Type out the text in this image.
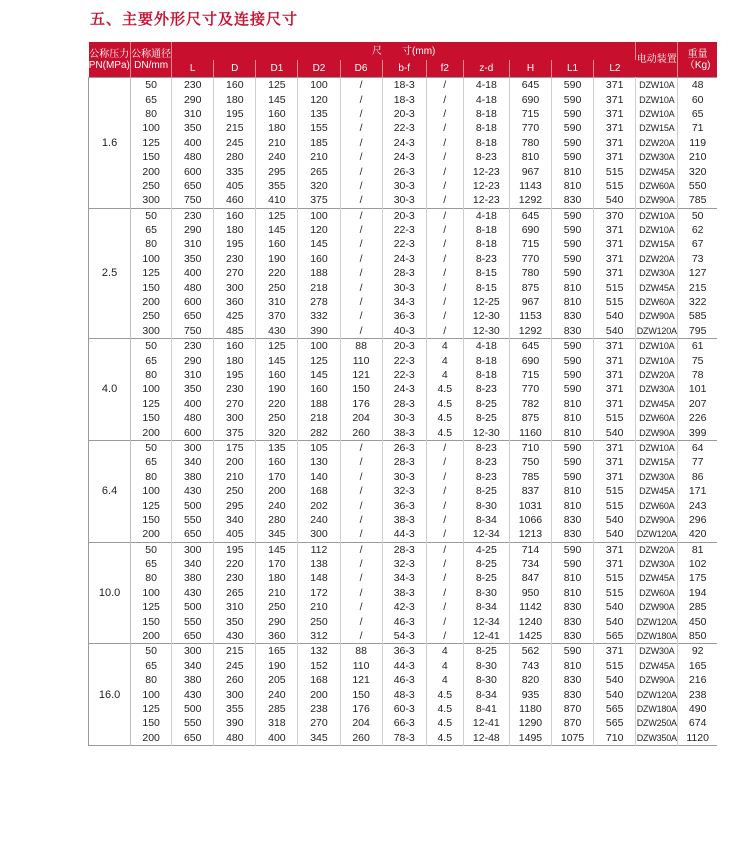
五、主要外形尺寸及连接尺寸
公称压力PN(MPa)	公称通径DN/mm	尺　　寸(mm)											电动装置	重量（Kg)
		L	D	D1	D2	D6	b-f	f2	z-d	H	L1	L2		
1.6	50	230	160	125	100	/	18-3	/	4-18	645	590	371	DZW10A	48
	65	290	180	145	120	/	18-3	/	4-18	690	590	371	DZW10A	60
	80	310	195	160	135	/	20-3	/	8-18	715	590	371	DZW10A	65
	100	350	215	180	155	/	22-3	/	8-18	770	590	371	DZW15A	71
	125	400	245	210	185	/	24-3	/	8-18	780	590	371	DZW20A	119
	150	480	280	240	210	/	24-3	/	8-23	810	590	371	DZW30A	210
	200	600	335	295	265	/	26-3	/	12-23	967	810	515	DZW45A	320
	250	650	405	355	320	/	30-3	/	12-23	1143	810	515	DZW60A	550
	300	750	460	410	375	/	30-3	/	12-23	1292	830	540	DZW90A	785
2.5	50	230	160	125	100	/	20-3	/	4-18	645	590	370	DZW10A	50
	65	290	180	145	120	/	22-3	/	8-18	690	590	371	DZW10A	62
	80	310	195	160	145	/	22-3	/	8-18	715	590	371	DZW15A	67
	100	350	230	190	160	/	24-3	/	8-23	770	590	371	DZW20A	73
	125	400	270	220	188	/	28-3	/	8-15	780	590	371	DZW30A	127
	150	480	300	250	218	/	30-3	/	8-15	875	810	515	DZW45A	215
	200	600	360	310	278	/	34-3	/	12-25	967	810	515	DZW60A	322
	250	650	425	370	332	/	36-3	/	12-30	1153	830	540	DZW90A	585
	300	750	485	430	390	/	40-3	/	12-30	1292	830	540	DZW120A	795
4.0	50	230	160	125	100	88	20-3	4	4-18	645	590	371	DZW10A	61
	65	290	180	145	125	110	22-3	4	8-18	690	590	371	DZW10A	75
	80	310	195	160	145	121	22-3	4	8-18	715	590	371	DZW20A	78
	100	350	230	190	160	150	24-3	4.5	8-23	770	590	371	DZW30A	101
	125	400	270	220	188	176	28-3	4.5	8-25	782	810	371	DZW45A	207
	150	480	300	250	218	204	30-3	4.5	8-25	875	810	515	DZW60A	226
	200	600	375	320	282	260	38-3	4.5	12-30	1160	810	540	DZW90A	399
6.4	50	300	175	135	105	/	26-3	/	8-23	710	590	371	DZW10A	64
	65	340	200	160	130	/	28-3	/	8-23	750	590	371	DZW15A	77
	80	380	210	170	140	/	30-3	/	8-23	785	590	371	DZW30A	86
	100	430	250	200	168	/	32-3	/	8-25	837	810	515	DZW45A	171
	125	500	295	240	202	/	36-3	/	8-30	1031	810	515	DZW60A	243
	150	550	340	280	240	/	38-3	/	8-34	1066	830	540	DZW90A	296
	200	650	405	345	300	/	44-3	/	12-34	1213	830	540	DZW120A	420
10.0	50	300	195	145	112	/	28-3	/	4-25	714	590	371	DZW20A	81
	65	340	220	170	138	/	32-3	/	8-25	734	590	371	DZW30A	102
	80	380	230	180	148	/	34-3	/	8-25	847	810	515	DZW45A	175
	100	430	265	210	172	/	38-3	/	8-30	950	810	515	DZW60A	194
	125	500	310	250	210	/	42-3	/	8-34	1142	830	540	DZW90A	285
	150	550	350	290	250	/	46-3	/	12-34	1240	830	540	DZW120A	450
	200	650	430	360	312	/	54-3	/	12-41	1425	830	565	DZW180A	850
16.0	50	300	215	165	132	88	36-3	4	8-25	562	590	371	DZW30A	92
	65	340	245	190	152	110	44-3	4	8-30	743	810	515	DZW45A	165
	80	380	260	205	168	121	46-3	4	8-30	820	830	540	DZW90A	216
	100	430	300	240	200	150	48-3	4.5	8-34	935	830	540	DZW120A	238
	125	500	355	285	238	176	60-3	4.5	8-41	1180	870	565	DZW180A	490
	150	550	390	318	270	204	66-3	4.5	12-41	1290	870	565	DZW250A	674
	200	650	480	400	345	260	78-3	4.5	12-48	1495	1075	710	DZW350A	1120
